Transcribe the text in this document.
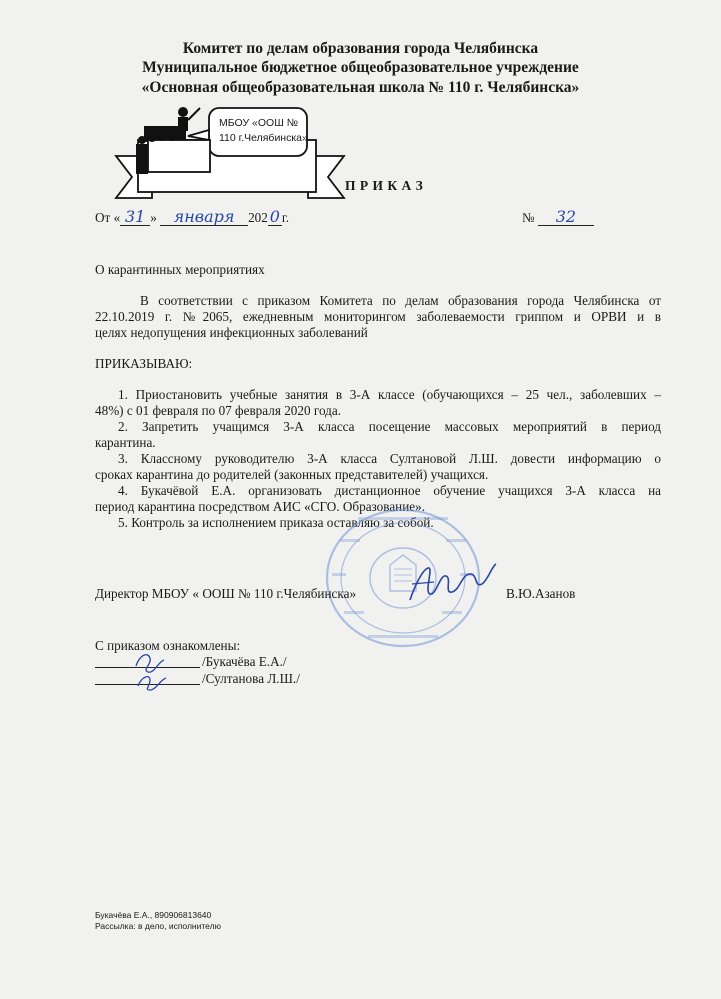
Комитет по делам образования города Челябинска
Муниципальное бюджетное общеобразовательное учреждение
«Основная общеобразовательная школа № 110 г. Челябинска»
МБОУ «ООШ №
110 г.Челябинска»
П Р И К А З
От « 31 » января 202 0 г.	№ 32
О карантинных мероприятиях
В соответствии с приказом Комитета по делам образования города Челябинска от
22.10.2019 г. №2065, ежедневным мониторингом заболеваемости гриппом и ОРВИ и в
целях недопущения инфекционных заболеваний
ПРИКАЗЫВАЮ:
1. Приостановить учебные занятия в 3-А классе (обучающихся – 25 чел., заболевших –
48%) с 01 февраля по 07 февраля 2020 года.
2. Запретить учащимся 3-А класса посещение массовых мероприятий в период
карантина.
3. Классному руководителю 3-А класса Султановой Л.Ш. довести информацию о
сроках карантина до родителей (законных представителей) учащихся.
4. Букачёвой Е.А. организовать дистанционное обучение учащихся 3-А класса на
период карантина посредством АИС «СГО. Образование».
5. Контроль за исполнением приказа оставляю за собой.
Директор МБОУ « ООШ № 110 г.Челябинска»	В.Ю.Азанов
С приказом ознакомлены:
/Букачёва Е.А./
/Султанова Л.Ш./
Букачёва Е.А., 890906813640
Рассылка: в дело, исполнителю
